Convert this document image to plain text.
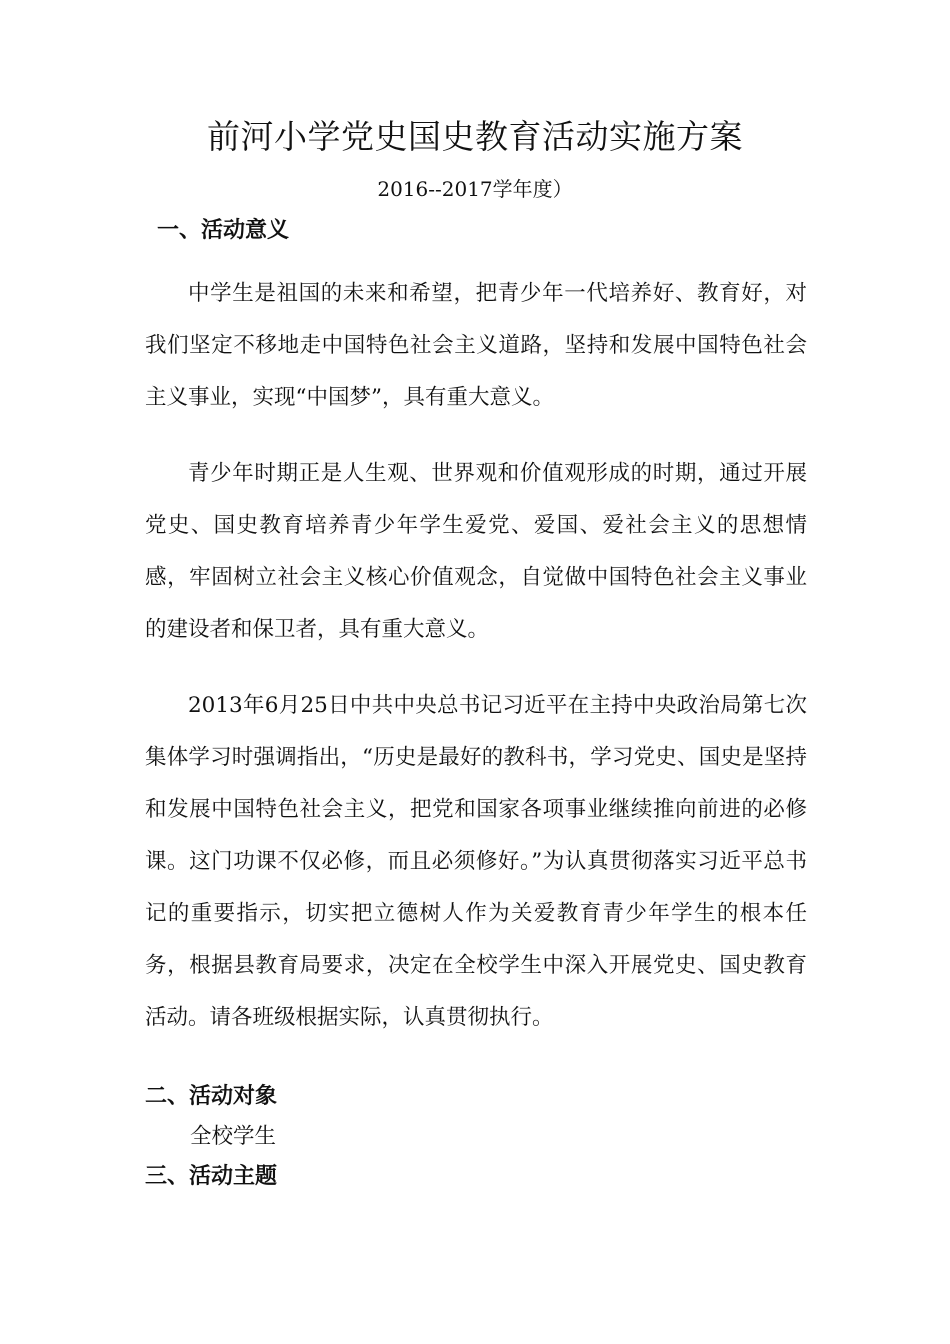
前河小学党史国史教育活动实施方案
2016--2017学年度）
一、活动意义

中学生是祖国的未来和希望，把青少年一代培养好、教育好，对我们坚定不移地走中国特色社会主义道路，坚持和发展中国特色社会主义事业，实现“中国梦”，具有重大意义。

青少年时期正是人生观、世界观和价值观形成的时期，通过开展党史、国史教育培养青少年学生爱党、爱国、爱社会主义的思想情感，牢固树立社会主义核心价值观念，自觉做中国特色社会主义事业的建设者和保卫者，具有重大意义。

2013年6月25日中共中央总书记习近平在主持中央政治局第七次集体学习时强调指出，“历史是最好的教科书，学习党史、国史是坚持和发展中国特色社会主义，把党和国家各项事业继续推向前进的必修课。这门功课不仅必修，而且必须修好。”为认真贯彻落实习近平总书记的重要指示，切实把立德树人作为关爱教育青少年学生的根本任务，根据县教育局要求，决定在全校学生中深入开展党史、国史教育活动。请各班级根据实际，认真贯彻执行。

二、活动对象
全校学生
三、活动主题
